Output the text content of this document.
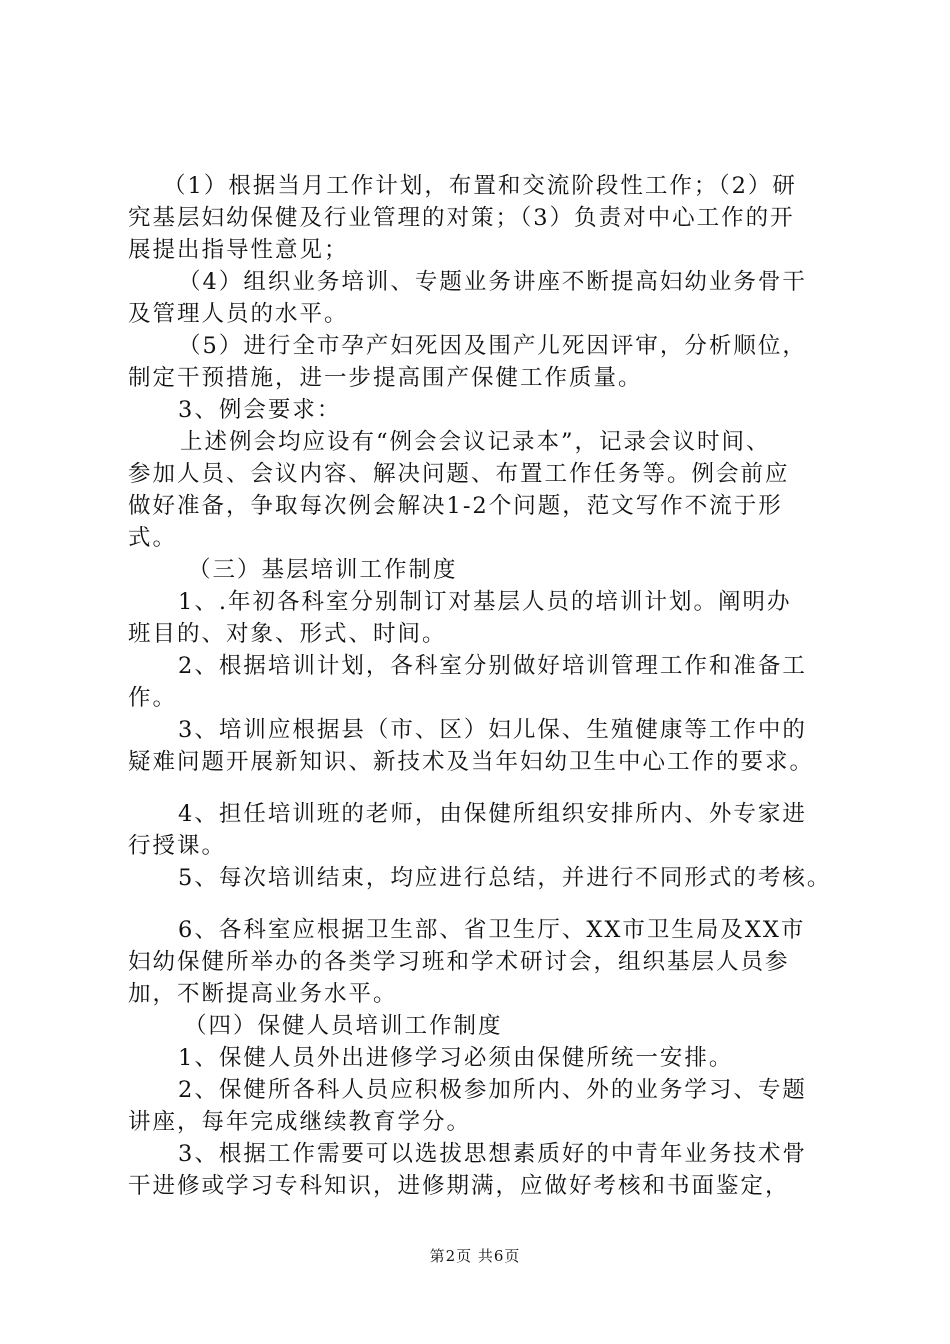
（1）根据当月工作计划，布置和交流阶段性工作；（2）研
究基层妇幼保健及行业管理的对策；（3）负责对中心工作的开
展提出指导性意见；
（4）组织业务培训、专题业务讲座不断提高妇幼业务骨干
及管理人员的水平。
（5）进行全市孕产妇死因及围产儿死因评审，分析顺位，
制定干预措施，进一步提高围产保健工作质量。
3、例会要求：
上述例会均应设有“例会会议记录本”，记录会议时间、
参加人员、会议内容、解决问题、布置工作任务等。例会前应
做好准备，争取每次例会解决1-2个问题，范文写作不流于形
式。
（三）基层培训工作制度
1、.年初各科室分别制订对基层人员的培训计划。阐明办
班目的、对象、形式、时间。
2、根据培训计划，各科室分别做好培训管理工作和准备工
作。
3、培训应根据县（市、区）妇儿保、生殖健康等工作中的
疑难问题开展新知识、新技术及当年妇幼卫生中心工作的要求。
4、担任培训班的老师，由保健所组织安排所内、外专家进
行授课。
5、每次培训结束，均应进行总结，并进行不同形式的考核。
6、各科室应根据卫生部、省卫生厅、XX市卫生局及XX市
妇幼保健所举办的各类学习班和学术研讨会，组织基层人员参
加，不断提高业务水平。
（四）保健人员培训工作制度
1、保健人员外出进修学习必须由保健所统一安排。
2、保健所各科人员应积极参加所内、外的业务学习、专题
讲座，每年完成继续教育学分。
3、根据工作需要可以选拔思想素质好的中青年业务技术骨
干进修或学习专科知识，进修期满，应做好考核和书面鉴定，
第2页 共6页
